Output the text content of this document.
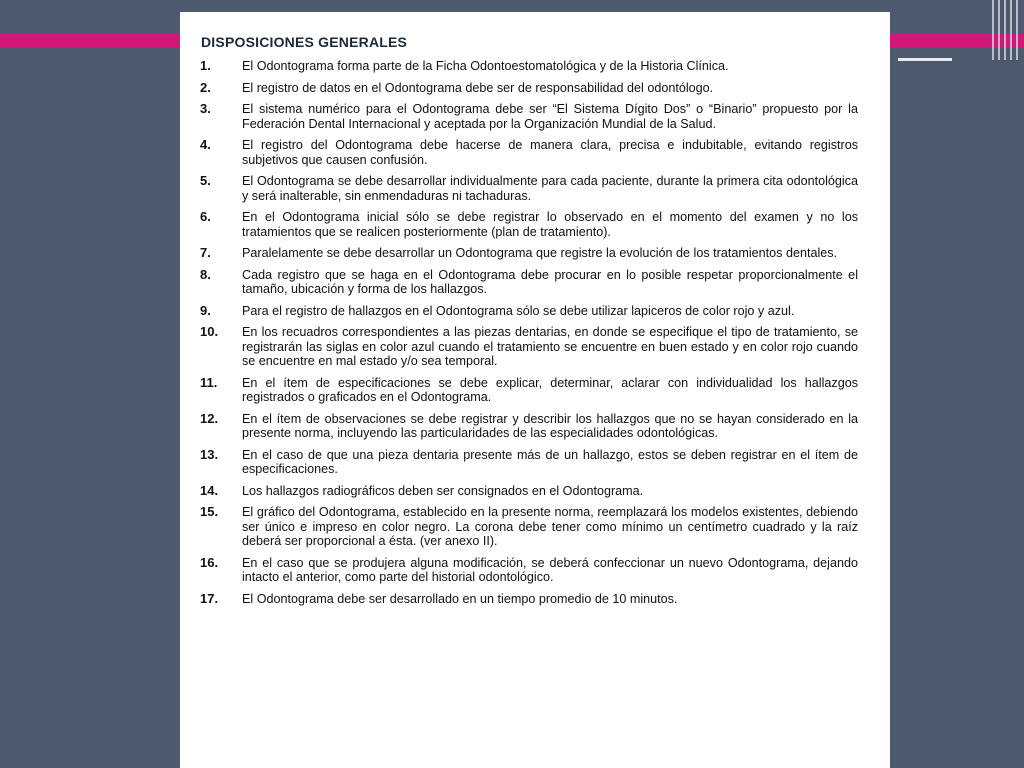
DISPOSICIONES GENERALES
1.	El Odontograma forma parte de la Ficha Odontoestomatológica y de la Historia Clínica.
2.	El registro de datos en el Odontograma debe ser de responsabilidad del odontólogo.
3.	El sistema numérico para el Odontograma debe ser “El Sistema Dígito Dos” o “Binario” propuesto por la Federación Dental Internacional y aceptada por la Organización Mundial de la Salud.
4.	El registro del Odontograma debe hacerse de manera clara, precisa e indubitable, evitando registros subjetivos que causen confusión.
5.	El Odontograma se debe desarrollar individualmente para cada paciente, durante la primera cita odontológica y será inalterable, sin enmendaduras ni tachaduras.
6.	En el Odontograma inicial sólo se debe registrar lo observado en el momento del examen y no los tratamientos que se realicen posteriormente (plan de tratamiento).
7.	Paralelamente se debe desarrollar un Odontograma que registre la evolución de los tratamientos dentales.
8.	Cada registro que se haga en el Odontograma debe procurar en lo posible respetar proporcionalmente el tamaño, ubicación y forma de los hallazgos.
9.	Para el registro de hallazgos en el Odontograma sólo se debe utilizar lapiceros de color rojo y azul.
10.	En los recuadros correspondientes a las piezas dentarias, en donde se especifique el tipo de tratamiento, se registrarán las siglas en color azul cuando el tratamiento se encuentre en buen estado y en color rojo cuando se encuentre en mal estado y/o sea temporal.
11.	En el ítem de especificaciones se debe explicar, determinar, aclarar con individualidad los hallazgos registrados o graficados en el Odontograma.
12.	En el ítem de observaciones se debe registrar y describir los hallazgos que no se hayan considerado en la presente norma, incluyendo las particularidades de las especialidades odontológicas.
13.	En el caso de que una pieza dentaria presente más de un hallazgo, estos se deben registrar en el ítem de especificaciones.
14.	Los hallazgos radiográficos deben ser consignados en el Odontograma.
15.	El gráfico del Odontograma, establecido en la presente norma, reemplazará los modelos existentes, debiendo ser único e impreso en color negro. La corona debe tener como mínimo un centímetro cuadrado y la raíz deberá ser proporcional a ésta. (ver anexo II).
16.	En el caso que se produjera alguna modificación, se deberá confeccionar un nuevo Odontograma, dejando intacto el anterior, como parte del historial odontológico.
17.	El Odontograma debe ser desarrollado en un tiempo promedio de 10 minutos.
